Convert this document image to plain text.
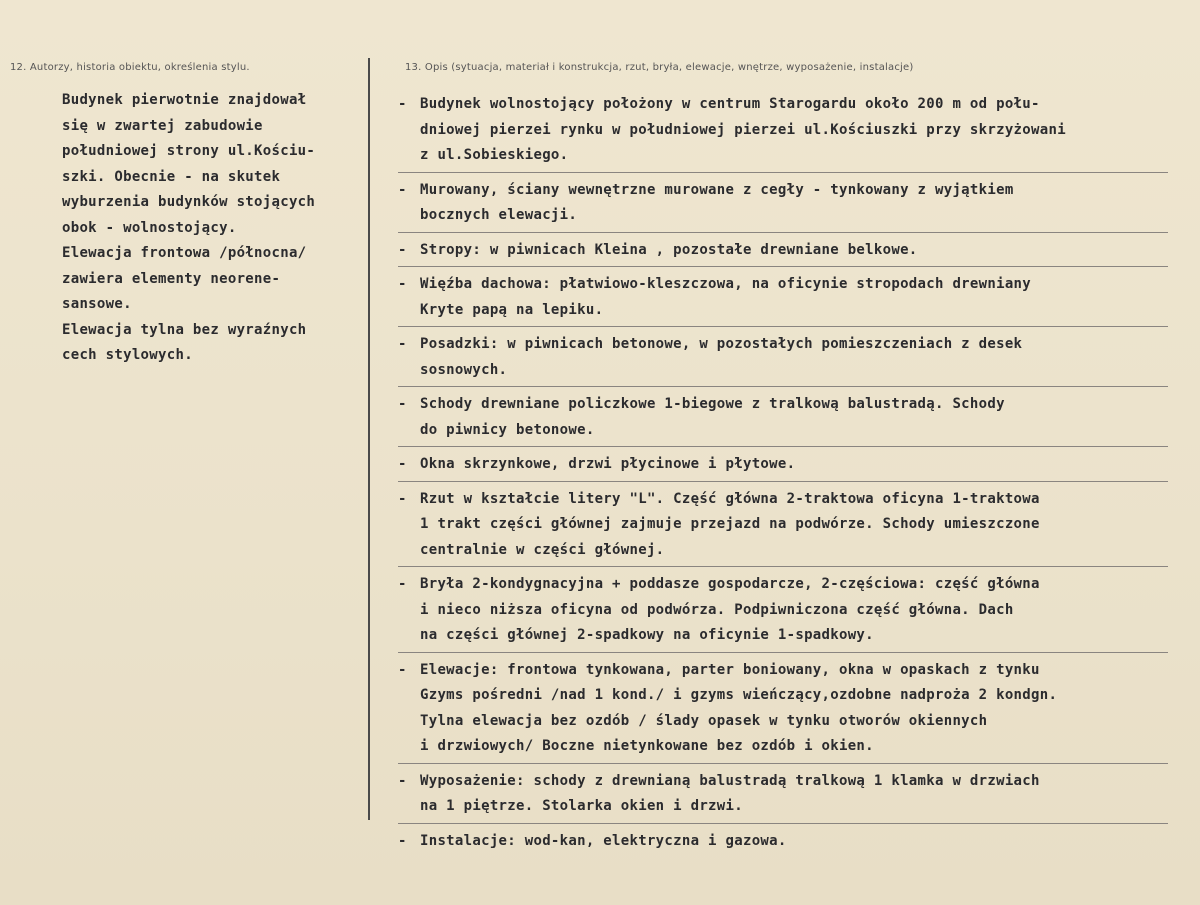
12. Autorzy, historia obiektu, określenia stylu.	13. Opis (sytuacja, materiał i konstrukcja, rzut, bryła, elewacje, wnętrze, wyposażenie, instalacje)
Budynek pierwotnie znajdował
się w zwartej zabudowie
południowej strony ul.Kościu-
szki. Obecnie - na skutek
wyburzenia budynków stojących
obok - wolnostojący.
Elewacja frontowa /północna/
zawiera elementy neorene-
sansowe.
Elewacja tylna bez wyraźnych
cech stylowych.
- Budynek wolnostojący położony w centrum Starogardu około 200 m od połu-
dniowej pierzei rynku w południowej pierzei ul.Kościuszki przy skrzyżowani
z ul.Sobieskiego.
- Murowany, ściany wewnętrzne murowane z cegły - tynkowany z wyjątkiem
bocznych elewacji.
- Stropy: w piwnicach Kleina , pozostałe drewniane belkowe.
- Więźba dachowa: płatwiowo-kleszczowa, na oficynie stropodach drewniany
Kryte papą na lepiku.
- Posadzki: w piwnicach betonowe, w pozostałych pomieszczeniach z desek
sosnowych.
- Schody drewniane policzkowe 1-biegowe z tralkową balustradą. Schody
do piwnicy betonowe.
- Okna skrzynkowe, drzwi płycinowe i płytowe.
- Rzut w kształcie litery "L". Część główna 2-traktowa oficyna 1-traktowa
1 trakt części głównej zajmuje przejazd na podwórze. Schody umieszczone
centralnie w części głównej.
- Bryła 2-kondygnacyjna + poddasze gospodarcze, 2-częściowa: część główna
i nieco niższa oficyna od podwórza. Podpiwniczona część główna. Dach
na części głównej 2-spadkowy na oficynie 1-spadkowy.
- Elewacje: frontowa tynkowana, parter boniowany, okna w opaskach z tynku
Gzyms pośredni /nad 1 kond./ i gzyms wieńczący,ozdobne nadproża 2 kondgn.
Tylna elewacja bez ozdób / ślady opasek w tynku otworów okiennych
i drzwiowych/ Boczne nietynkowane bez ozdób i okien.
- Wyposażenie: schody z drewnianą balustradą tralkową 1 klamka w drzwiach
na 1 piętrze. Stolarka okien i drzwi.
- Instalacje: wod-kan, elektryczna i gazowa.
